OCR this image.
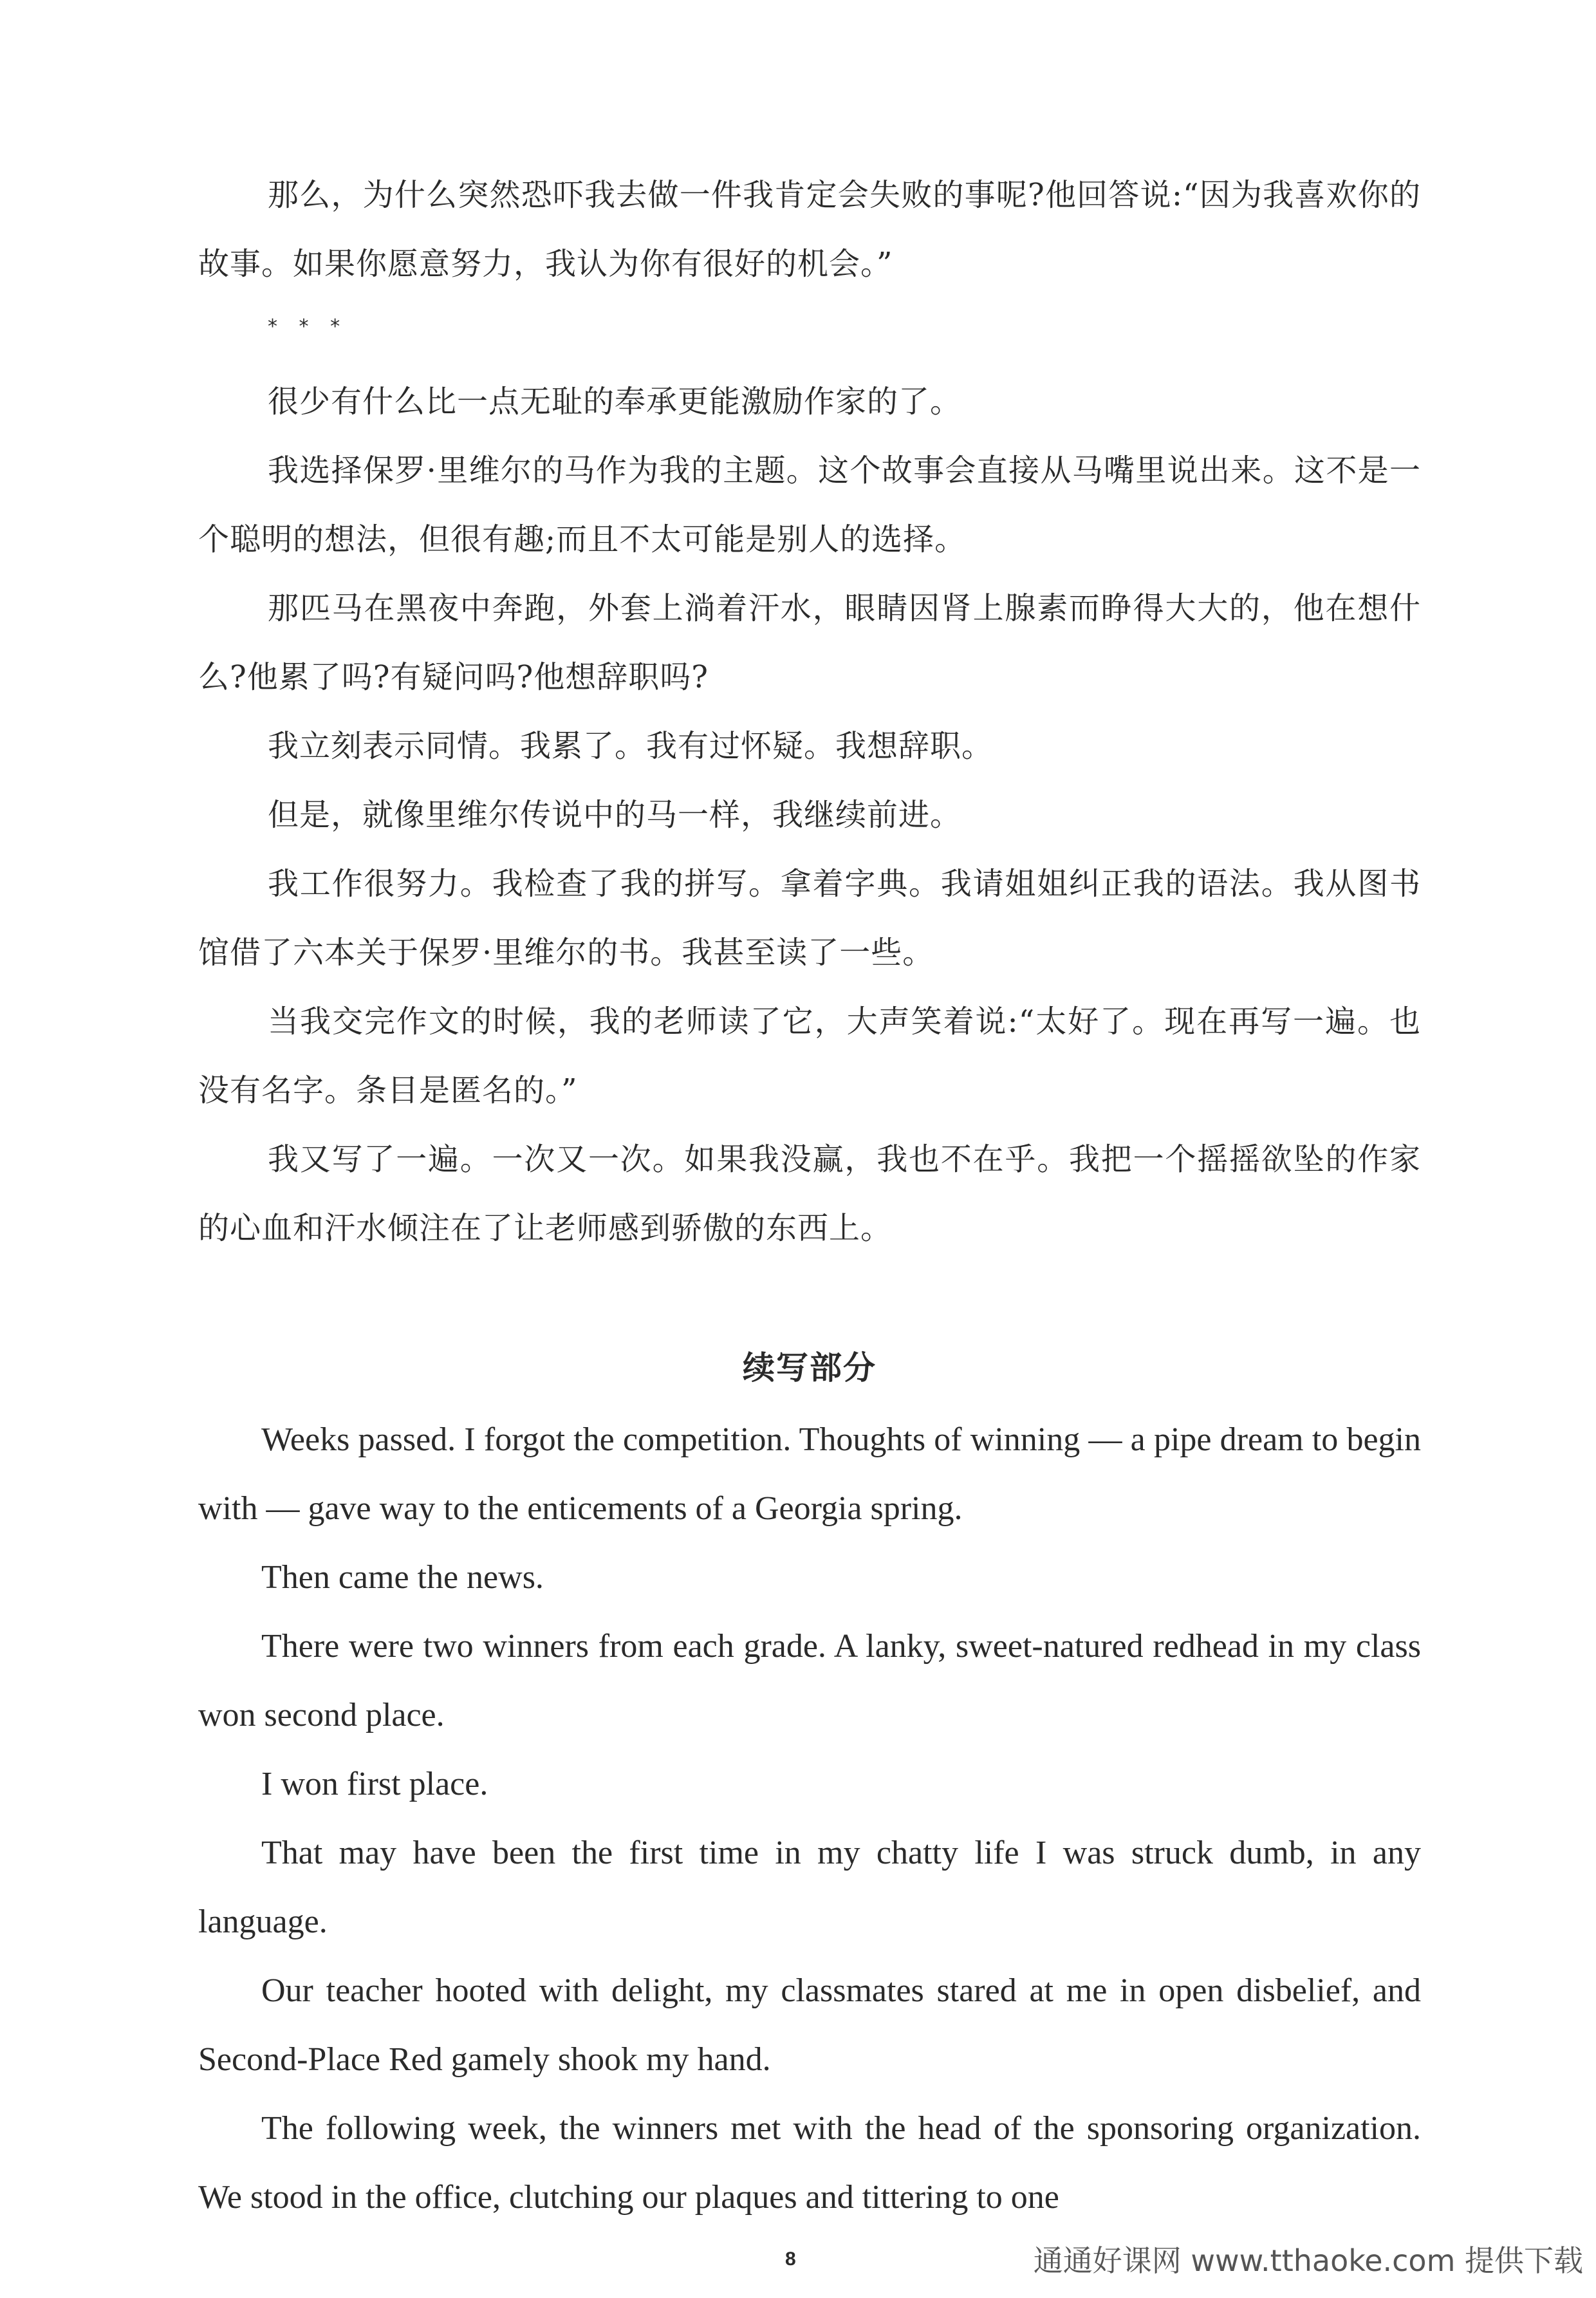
那么，为什么突然恐吓我去做一件我肯定会失败的事呢?他回答说:“因为我喜欢你的故事。如果你愿意努力，我认为你有很好的机会。”

* * *

很少有什么比一点无耻的奉承更能激励作家的了。

我选择保罗·里维尔的马作为我的主题。这个故事会直接从马嘴里说出来。这不是一个聪明的想法，但很有趣;而且不太可能是别人的选择。

那匹马在黑夜中奔跑，外套上淌着汗水，眼睛因肾上腺素而睁得大大的，他在想什么?他累了吗?有疑问吗?他想辞职吗?

我立刻表示同情。我累了。我有过怀疑。我想辞职。

但是，就像里维尔传说中的马一样，我继续前进。

我工作很努力。我检查了我的拼写。拿着字典。我请姐姐纠正我的语法。我从图书馆借了六本关于保罗·里维尔的书。我甚至读了一些。

当我交完作文的时候，我的老师读了它，大声笑着说:“太好了。现在再写一遍。也没有名字。条目是匿名的。”

我又写了一遍。一次又一次。如果我没赢，我也不在乎。我把一个摇摇欲坠的作家的心血和汗水倾注在了让老师感到骄傲的东西上。

续写部分

Weeks passed. I forgot the competition. Thoughts of winning — a pipe dream to begin with — gave way to the enticements of a Georgia spring.

Then came the news.

There were two winners from each grade. A lanky, sweet-natured redhead in my class won second place.

I won first place.

That may have been the first time in my chatty life I was struck dumb, in any language.

Our teacher hooted with delight, my classmates stared at me in open disbelief, and Second-Place Red gamely shook my hand.

The following week, the winners met with the head of the sponsoring organization. We stood in the office, clutching our plaques and tittering to one

8	通通好课网 www.tthaoke.com 提供下载
